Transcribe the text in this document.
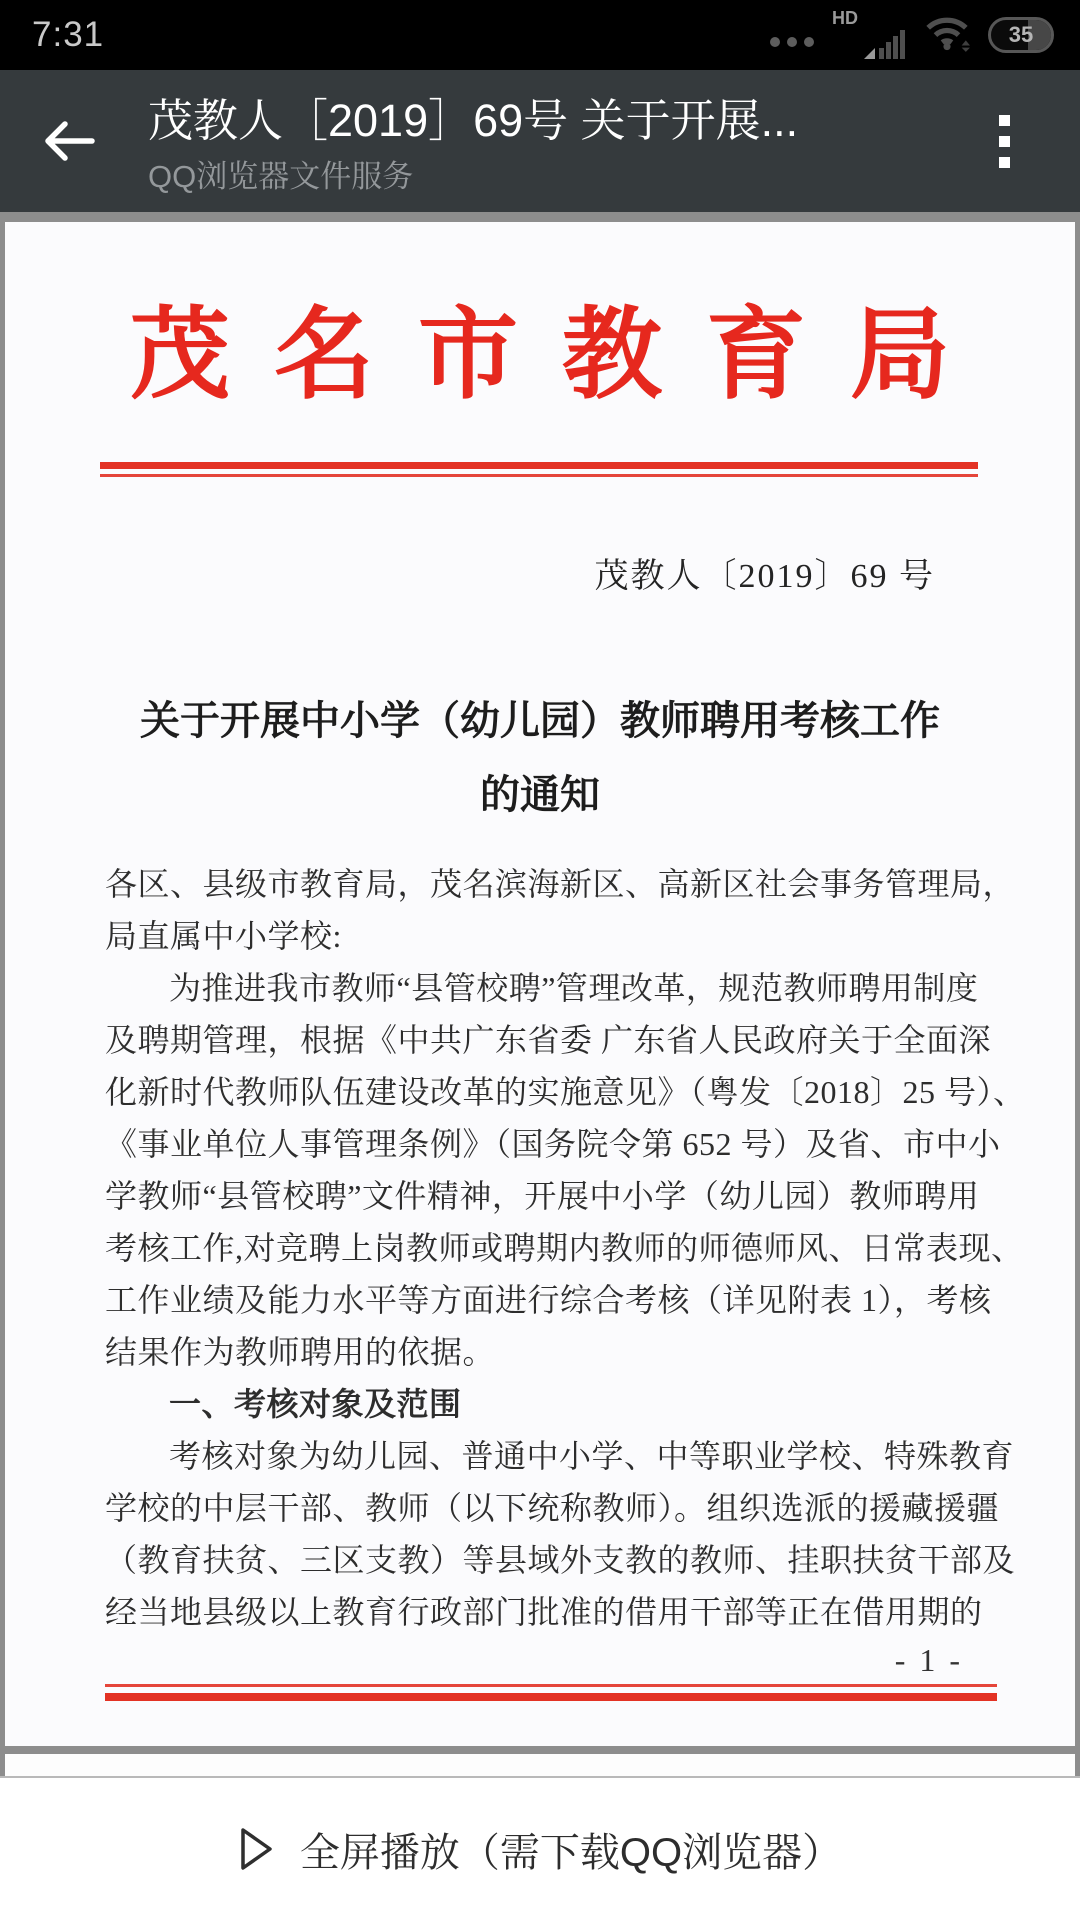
7:31	HD
35
茂教人［2019］69号 关于开展...
QQ浏览器文件服务
茂名市教育局
茂教人〔2019〕69 号
关于开展中小学（幼儿园）教师聘用考核工作
的通知
各区、县级市教育局，茂名滨海新区、高新区社会事务管理局，
局直属中小学校:
为推进我市教师“县管校聘”管理改革，规范教师聘用制度
及聘期管理，根据《中共广东省委 广东省人民政府关于全面深
化新时代教师队伍建设改革的实施意见》（粤发〔2018〕25 号）、
《事业单位人事管理条例》（国务院令第 652 号）及省、市中小
学教师“县管校聘”文件精神，开展中小学（幼儿园）教师聘用
考核工作,对竞聘上岗教师或聘期内教师的师德师风、日常表现、
工作业绩及能力水平等方面进行综合考核（详见附表 1），考核
结果作为教师聘用的依据。
一、考核对象及范围
考核对象为幼儿园、普通中小学、中等职业学校、特殊教育
学校的中层干部、教师（以下统称教师）。组织选派的援藏援疆
（教育扶贫、三区支教）等县域外支教的教师、挂职扶贫干部及
经当地县级以上教育行政部门批准的借用干部等正在借用期的
- 1 -
全屏播放（需下载QQ浏览器）
